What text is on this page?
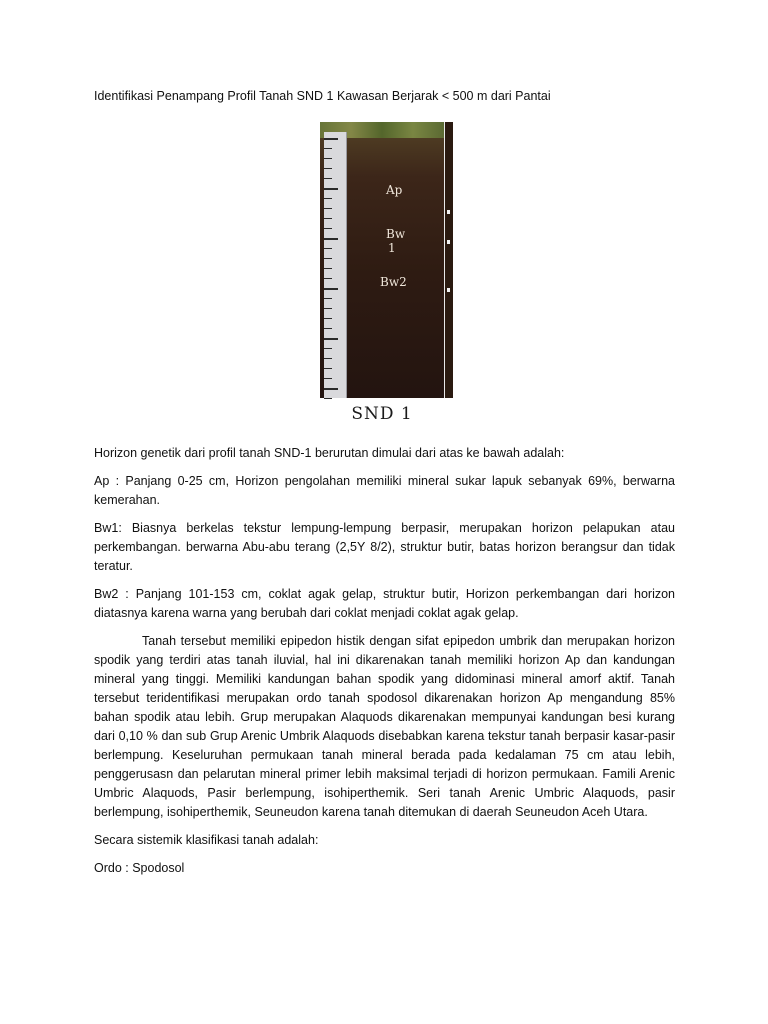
Identifikasi Penampang Profil Tanah SND 1 Kawasan Berjarak < 500 m dari Pantai
Ap
Bw
1
Bw2
SND 1

Horizon genetik dari profil tanah SND-1 berurutan dimulai dari atas ke bawah adalah:

Ap : Panjang 0-25 cm, Horizon pengolahan memiliki mineral sukar lapuk sebanyak 69%, berwarna kemerahan.

Bw1: Biasnya berkelas tekstur lempung-lempung berpasir, merupakan horizon pelapukan atau perkembangan. berwarna Abu-abu terang (2,5Y 8/2), struktur butir, batas horizon berangsur dan tidak teratur.

Bw2 : Panjang 101-153 cm, coklat agak gelap, struktur butir, Horizon perkembangan dari horizon diatasnya karena warna yang berubah dari coklat menjadi coklat agak gelap.

Tanah tersebut memiliki epipedon histik dengan sifat epipedon umbrik dan merupakan horizon spodik yang terdiri atas tanah iluvial, hal ini dikarenakan tanah memiliki horizon Ap dan kandungan mineral yang tinggi. Memiliki kandungan bahan spodik yang didominasi mineral amorf aktif. Tanah tersebut teridentifikasi merupakan ordo tanah spodosol dikarenakan horizon Ap mengandung 85% bahan spodik atau lebih. Grup merupakan Alaquods dikarenakan mempunyai kandungan besi kurang dari 0,10 % dan sub Grup Arenic Umbrik Alaquods disebabkan karena tekstur tanah berpasir kasar-pasir berlempung. Keseluruhan permukaan tanah mineral berada pada kedalaman 75 cm atau lebih, penggerusasn dan pelarutan mineral primer lebih maksimal terjadi di horizon permukaan. Famili Arenic Umbric Alaquods, Pasir berlempung, isohiperthemik. Seri tanah Arenic Umbric Alaquods, pasir berlempung, isohiperthemik, Seuneudon karena tanah ditemukan di daerah Seuneudon Aceh Utara.

Secara sistemik klasifikasi tanah adalah:

Ordo : Spodosol
